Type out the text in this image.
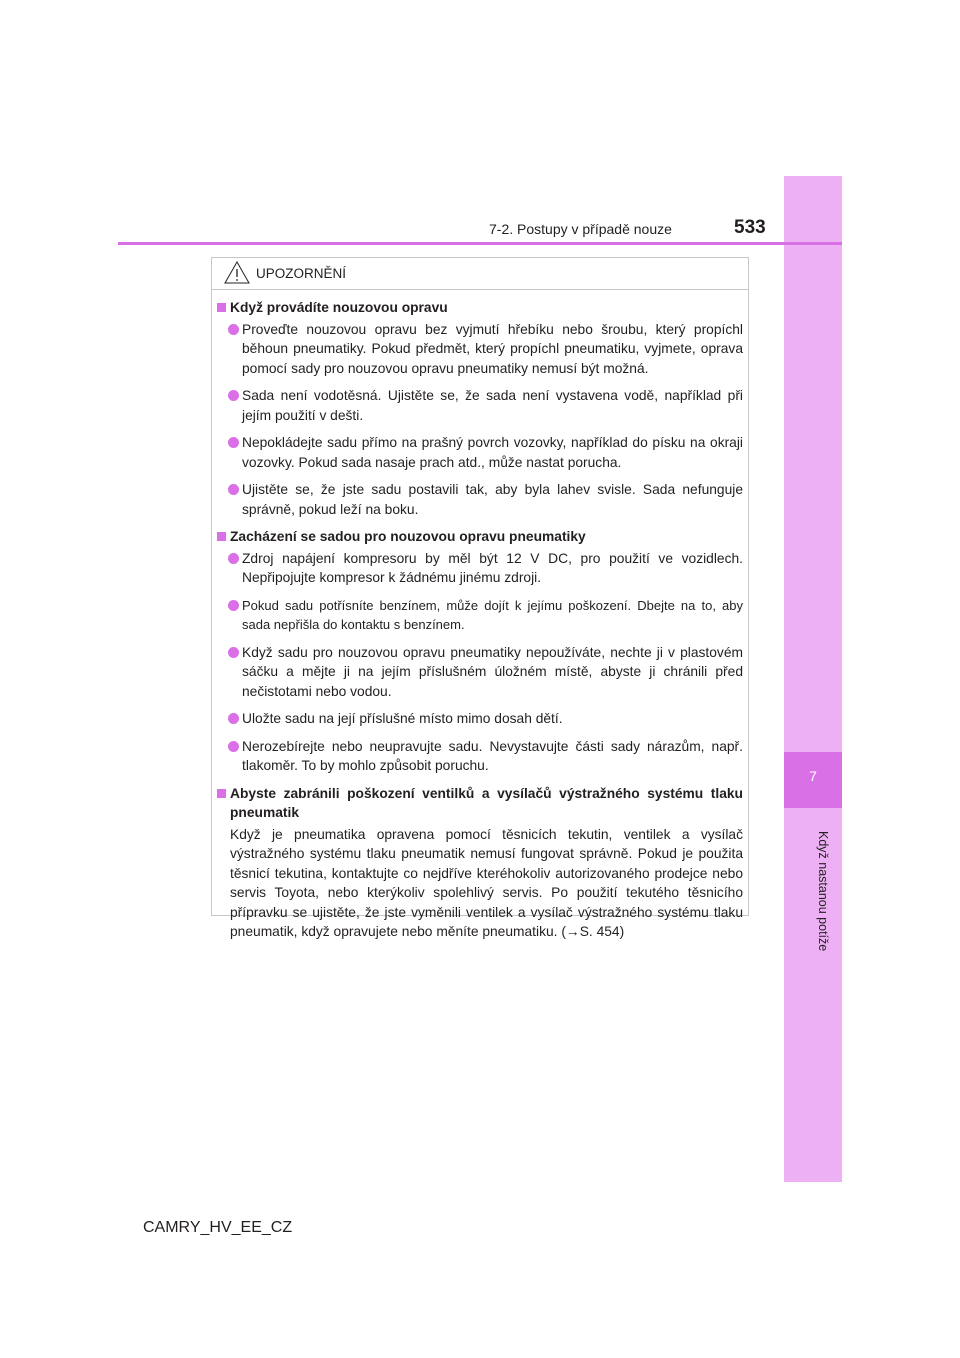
7
Když nastanou potíže
7-2. Postupy v případě nouze	533
UPOZORNĚNÍ
Když provádíte nouzovou opravu
Proveďte nouzovou opravu bez vyjmutí hřebíku nebo šroubu, který propíchl běhoun pneumatiky. Pokud předmět, který propíchl pneumatiku, vyjmete, oprava pomocí sady pro nouzovou opravu pneumatiky nemusí být možná.
Sada není vodotěsná. Ujistěte se, že sada není vystavena vodě, například při jejím použití v dešti.
Nepokládejte sadu přímo na prašný povrch vozovky, například do písku na okraji vozovky. Pokud sada nasaje prach atd., může nastat porucha.
Ujistěte se, že jste sadu postavili tak, aby byla lahev svisle. Sada nefunguje správně, pokud leží na boku.
Zacházení se sadou pro nouzovou opravu pneumatiky
Zdroj napájení kompresoru by měl být 12 V DC, pro použití ve vozidlech. Nepřipojujte kompresor k žádnému jinému zdroji.
Pokud sadu potřísníte benzínem, může dojít k jejímu poškození. Dbejte na to, aby sada nepřišla do kontaktu s benzínem.
Když sadu pro nouzovou opravu pneumatiky nepoužíváte, nechte ji v plastovém sáčku a mějte ji na jejím příslušném úložném místě, abyste ji chránili před nečistotami nebo vodou.
Uložte sadu na její příslušné místo mimo dosah dětí.
Nerozebírejte nebo neupravujte sadu. Nevystavujte části sady nárazům, např. tlakoměr. To by mohlo způsobit poruchu.
Abyste zabránili poškození ventilků a vysílačů výstražného systému tlaku pneumatik
Když je pneumatika opravena pomocí těsnicích tekutin, ventilek a vysílač výstražného systému tlaku pneumatik nemusí fungovat správně. Pokud je použita těsnicí tekutina, kontaktujte co nejdříve kteréhokoliv autorizovaného prodejce nebo servis Toyota, nebo kterýkoliv spolehlivý servis. Po použití tekutého těsnicího přípravku se ujistěte, že jste vyměnili ventilek a vysílač výstražného systému tlaku pneumatik, když opravujete nebo měníte pneumatiku. (→S. 454)
CAMRY_HV_EE_CZ
